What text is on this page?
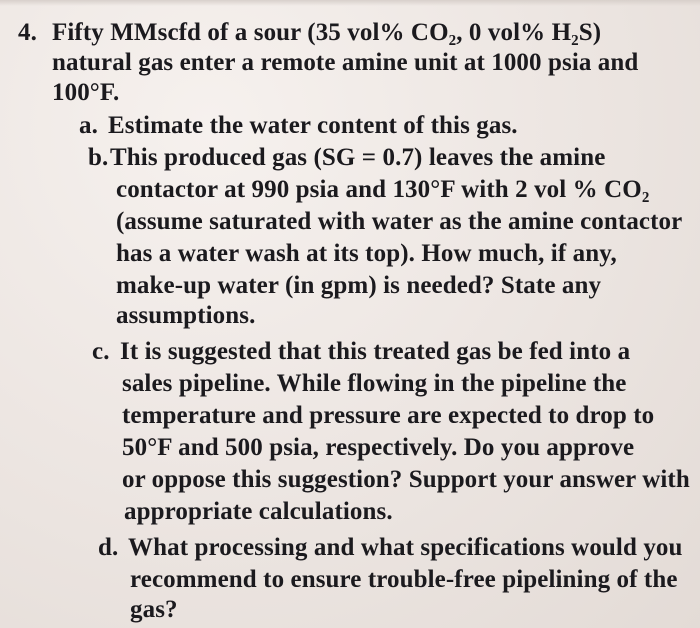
4. Fifty MMscfd of a sour (35 vol% CO₂, 0 vol% H₂S)
natural gas enter a remote amine unit at 1000 psia and
100°F.
a. Estimate the water content of this gas.
b. This produced gas (SG = 0.7) leaves the amine
contactor at 990 psia and 130°F with 2 vol % CO₂
(assume saturated with water as the amine contactor
has a water wash at its top). How much, if any,
make-up water (in gpm) is needed? State any
assumptions.
c. It is suggested that this treated gas be fed into a
sales pipeline. While flowing in the pipeline the
temperature and pressure are expected to drop to
50°F and 500 psia, respectively. Do you approve
or oppose this suggestion? Support your answer with
appropriate calculations.
d. What processing and what specifications would you
recommend to ensure trouble-free pipelining of the
gas?
